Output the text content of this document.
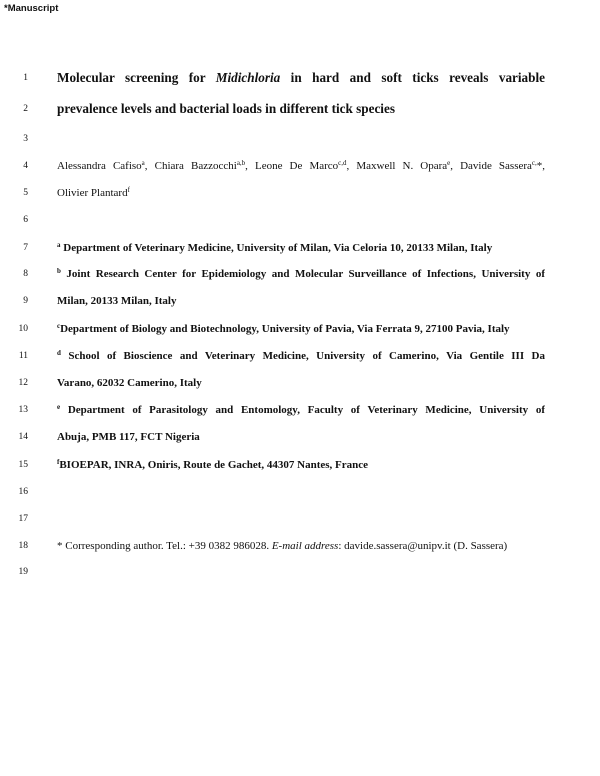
*Manuscript
1 Molecular screening for Midichloria in hard and soft ticks reveals variable
2 prevalence levels and bacterial loads in different tick species
3
4	Alessandra Cafiso$^a$, Chiara Bazzocchi$^{a,b}$, Leone De Marco$^{c,d}$, Maxwell N. Opara$^e$, Davide Sassera$^{c,}$*,
5	Olivier Plantard$^f$
6
7	$^a$ Department of Veterinary Medicine, University of Milan, Via Celoria 10, 20133 Milan, Italy
8	$^b$ Joint Research Center for Epidemiology and Molecular Surveillance of Infections, University of
9	Milan, 20133 Milan, Italy
10	$^c$Department of Biology and Biotechnology, University of Pavia, Via Ferrata 9, 27100 Pavia, Italy
11	$^d$ School of Bioscience and Veterinary Medicine, University of Camerino, Via Gentile III Da
12	Varano, 62032 Camerino, Italy
13	$^e$ Department of Parasitology and Entomology, Faculty of Veterinary Medicine, University of
14	Abuja, PMB 117, FCT Nigeria
15	$^f$BIOEPAR, INRA, Oniris, Route de Gachet, 44307 Nantes, France
16
17
18	* Corresponding author. Tel.: +39 0382 986028. E-mail address: davide.sassera@unipv.it (D. Sassera)
19
